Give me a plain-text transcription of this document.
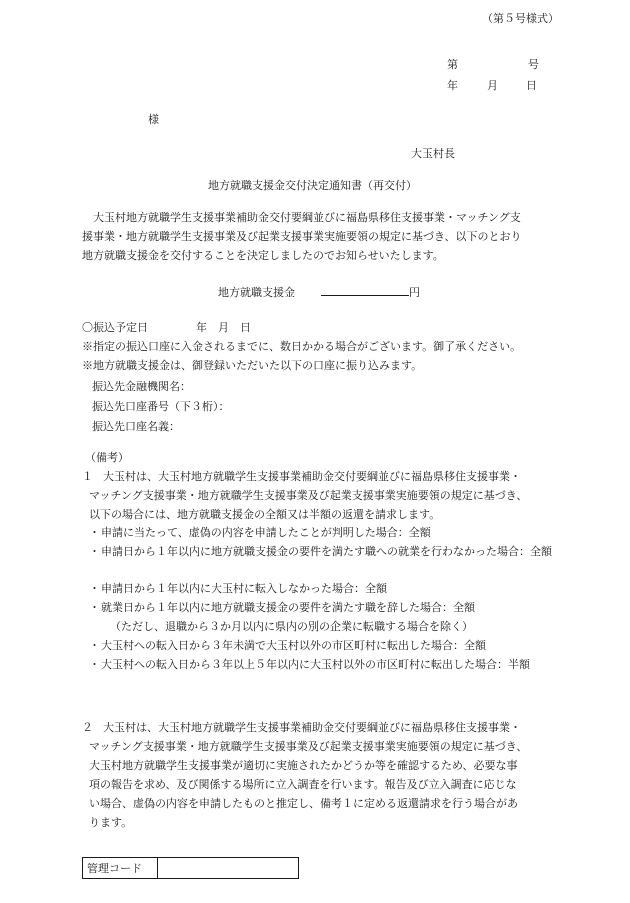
（第５号様式）
第	号
年	月	日
様
大玉村長
地方就職支援金交付決定通知書（再交付）
大玉村地方就職学生支援事業補助金交付要綱並びに福島県移住支援事業・マッチング支
援事業・地方就職学生支援事業及び起業支援事業実施要領の規定に基づき、以下のとおり
地方就職支援金を交付することを決定しましたのでお知らせいたします。
地方就職支援金	円
〇振込予定日	年　月　日
※指定の振込口座に入金されるまでに、数日かかる場合がございます。御了承ください。
※地方就職支援金は、御登録いただいた以下の口座に振り込みます。
振込先金融機関名：
振込先口座番号（下３桁）：
振込先口座名義：
（備考）
１ 大玉村は、大玉村地方就職学生支援事業補助金交付要綱並びに福島県移住支援事業・
マッチング支援事業・地方就職学生支援事業及び起業支援事業実施要領の規定に基づき、
以下の場合には、地方就職支援金の全額又は半額の返還を請求します。
・ 申請に当たって、虚偽の内容を申請したことが判明した場合：全額
・ 申請日から１年以内に地方就職支援金の要件を満たす職への就業を行わなかった場合：全額
・ 申請日から１年以内に大玉村に転入しなかった場合：全額
・ 就業日から１年以内に地方就職支援金の要件を満たす職を辞した場合：全額
（ただし、退職から３か月以内に県内の別の企業に転職する場合を除く）
・ 大玉村への転入日から３年未満で大玉村以外の市区町村に転出した場合：全額
・ 大玉村への転入日から３年以上５年以内に大玉村以外の市区町村に転出した場合：半額
２ 大玉村は、大玉村地方就職学生支援事業補助金交付要綱並びに福島県移住支援事業・
マッチング支援事業・地方就職学生支援事業及び起業支援事業実施要領の規定に基づき、
大玉村地方就職学生支援事業が適切に実施されたかどうか等を確認するため、必要な事
項の報告を求め、及び関係する場所に立入調査を行います。報告及び立入調査に応じな
い場合、虚偽の内容を申請したものと推定し、備考１に定める返還請求を行う場合があ
ります。
管理コード	
